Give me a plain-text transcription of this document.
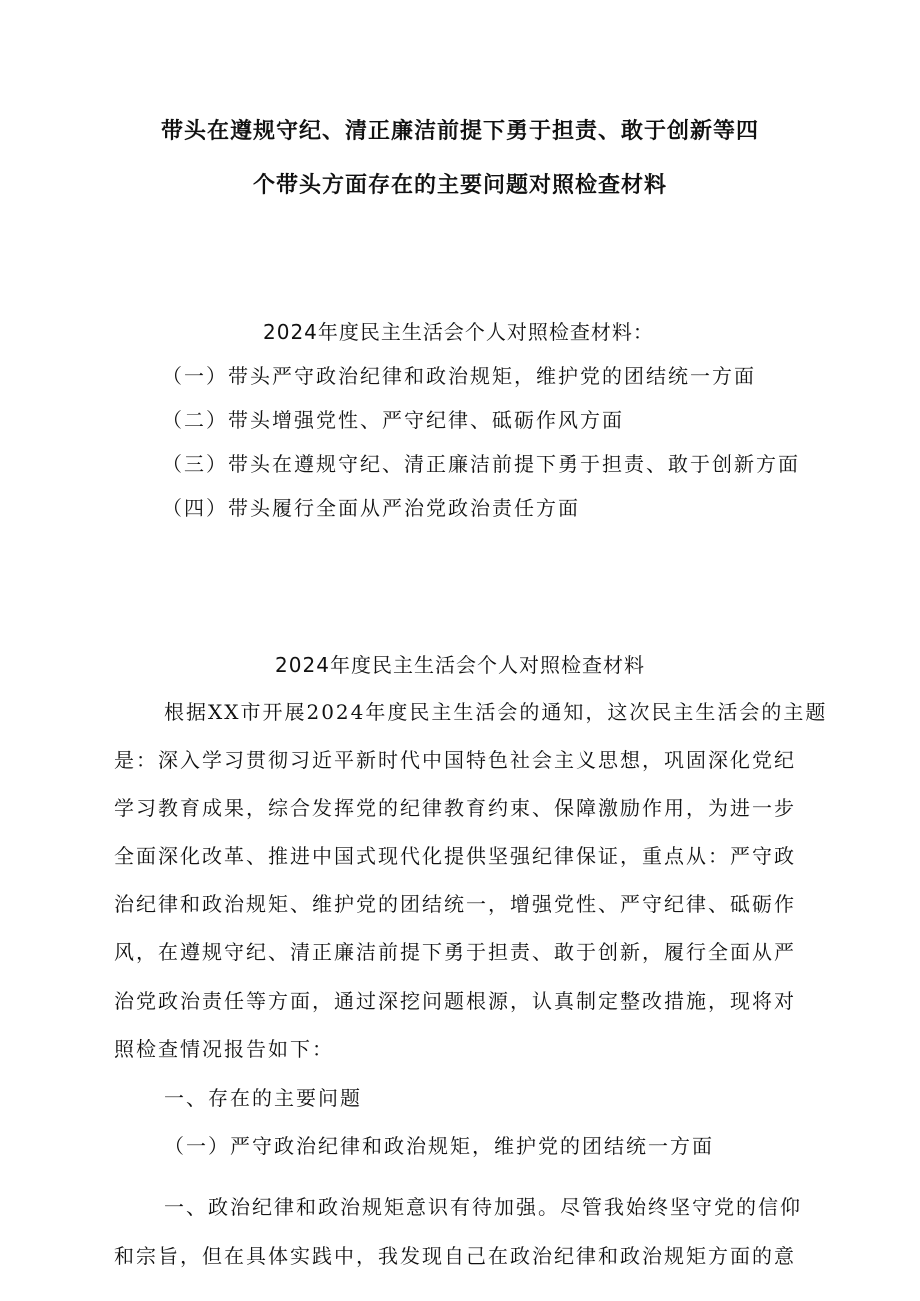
带头在遵规守纪、清正廉洁前提下勇于担责、敢于创新等四
个带头方面存在的主要问题对照检查材料
2024年度民主生活会个人对照检查材料：
（一）带头严守政治纪律和政治规矩，维护党的团结统一方面
（二）带头增强党性、严守纪律、砥砺作风方面
（三）带头在遵规守纪、清正廉洁前提下勇于担责、敢于创新方面
（四）带头履行全面从严治党政治责任方面
2024年度民主生活会个人对照检查材料
根据XX市开展2024年度民主生活会的通知，这次民主生活会的主题
是：深入学习贯彻习近平新时代中国特色社会主义思想，巩固深化党纪
学习教育成果，综合发挥党的纪律教育约束、保障激励作用，为进一步
全面深化改革、推进中国式现代化提供坚强纪律保证，重点从：严守政
治纪律和政治规矩、维护党的团结统一，增强党性、严守纪律、砥砺作
风，在遵规守纪、清正廉洁前提下勇于担责、敢于创新，履行全面从严
治党政治责任等方面，通过深挖问题根源，认真制定整改措施，现将对
照检查情况报告如下：
一、存在的主要问题
（一）严守政治纪律和政治规矩，维护党的团结统一方面
一、政治纪律和政治规矩意识有待加强。尽管我始终坚守党的信仰
和宗旨，但在具体实践中，我发现自己在政治纪律和政治规矩方面的意
